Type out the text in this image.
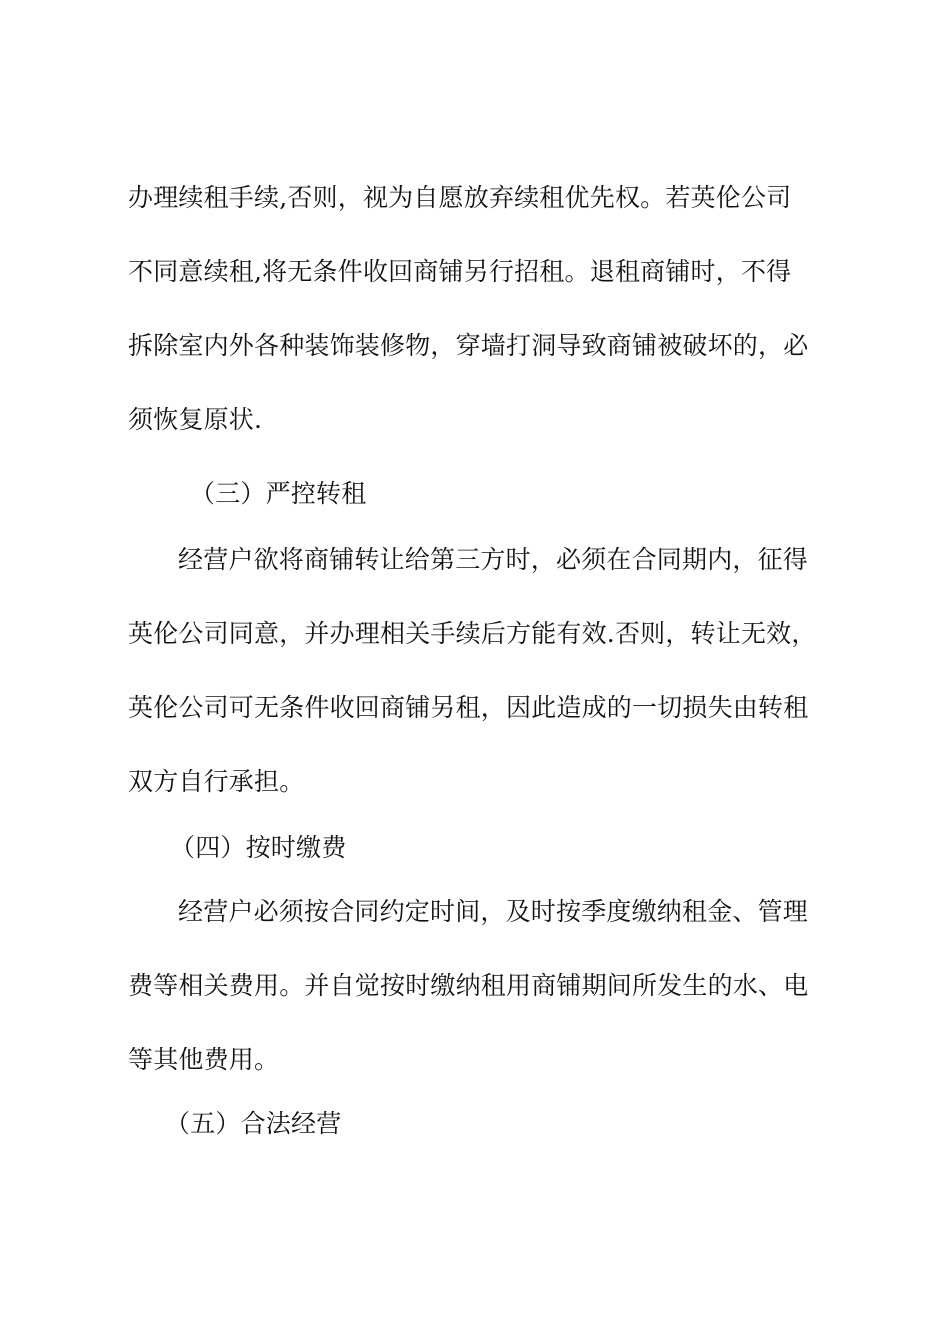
办理续租手续,否则，视为自愿放弃续租优先权。若英伦公司
不同意续租,将无条件收回商铺另行招租。退租商铺时，不得
拆除室内外各种装饰装修物，穿墙打洞导致商铺被破坏的，必
须恢复原状.
（三）严控转租
经营户欲将商铺转让给第三方时，必须在合同期内，征得
英伦公司同意，并办理相关手续后方能有效.否则，转让无效，
英伦公司可无条件收回商铺另租，因此造成的一切损失由转租
双方自行承担。
（四）按时缴费
经营户必须按合同约定时间，及时按季度缴纳租金、管理
费等相关费用。并自觉按时缴纳租用商铺期间所发生的水、电
等其他费用。
（五）合法经营
